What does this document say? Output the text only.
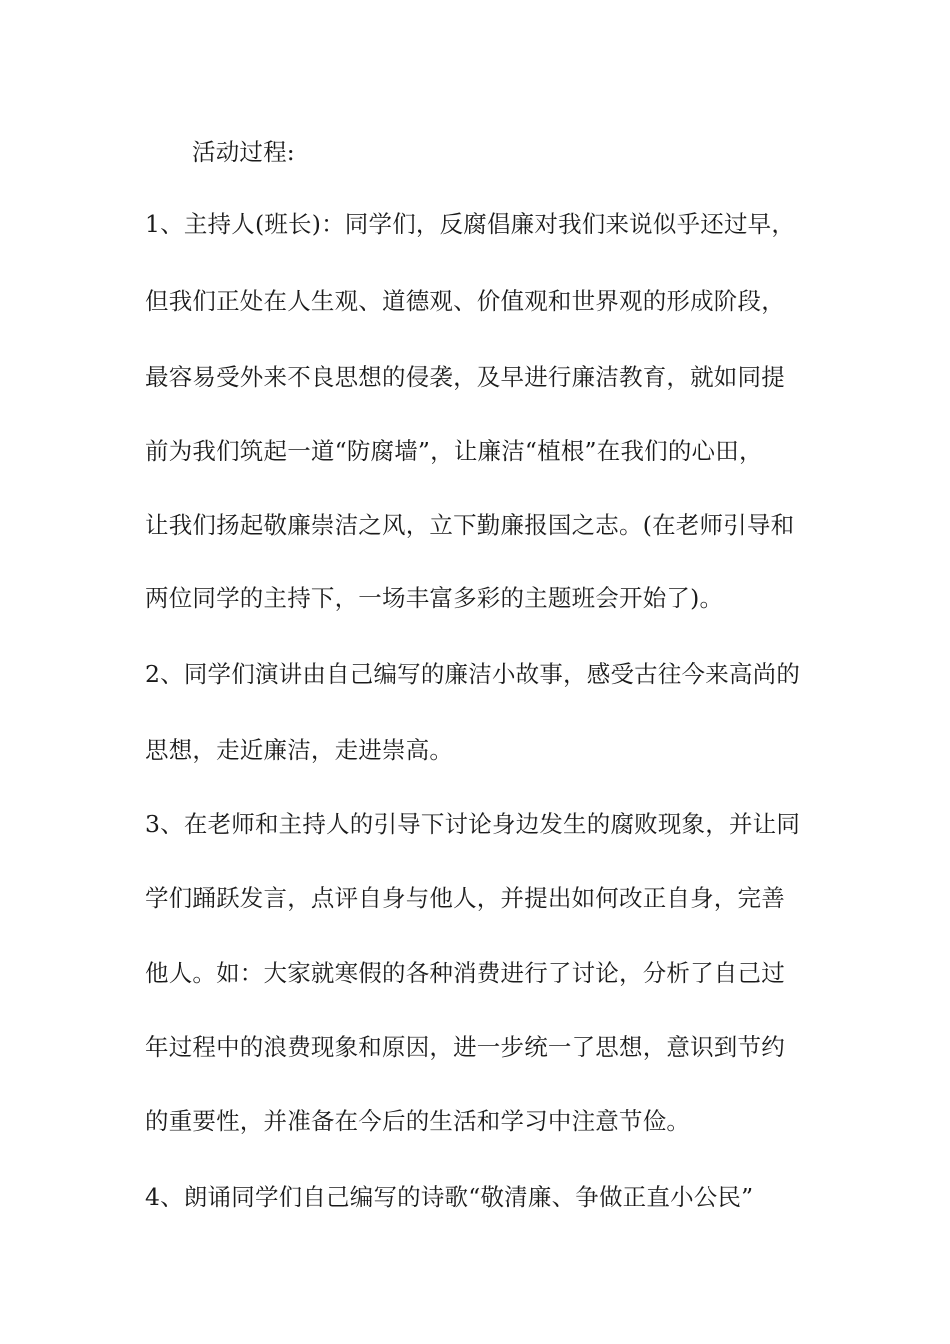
活动过程:
1、主持人(班长)：同学们，反腐倡廉对我们来说似乎还过早，
但我们正处在人生观、道德观、价值观和世界观的形成阶段，
最容易受外来不良思想的侵袭，及早进行廉洁教育，就如同提
前为我们筑起一道“防腐墙”，让廉洁“植根”在我们的心田，
让我们扬起敬廉崇洁之风，立下勤廉报国之志。(在老师引导和
两位同学的主持下，一场丰富多彩的主题班会开始了)。
2、同学们演讲由自己编写的廉洁小故事，感受古往今来高尚的
思想，走近廉洁，走进崇高。
3、在老师和主持人的引导下讨论身边发生的腐败现象，并让同
学们踊跃发言，点评自身与他人，并提出如何改正自身，完善
他人。如：大家就寒假的各种消费进行了讨论，分析了自己过
年过程中的浪费现象和原因，进一步统一了思想，意识到节约
的重要性，并准备在今后的生活和学习中注意节俭。
4、朗诵同学们自己编写的诗歌“敬清廉、争做正直小公民”
